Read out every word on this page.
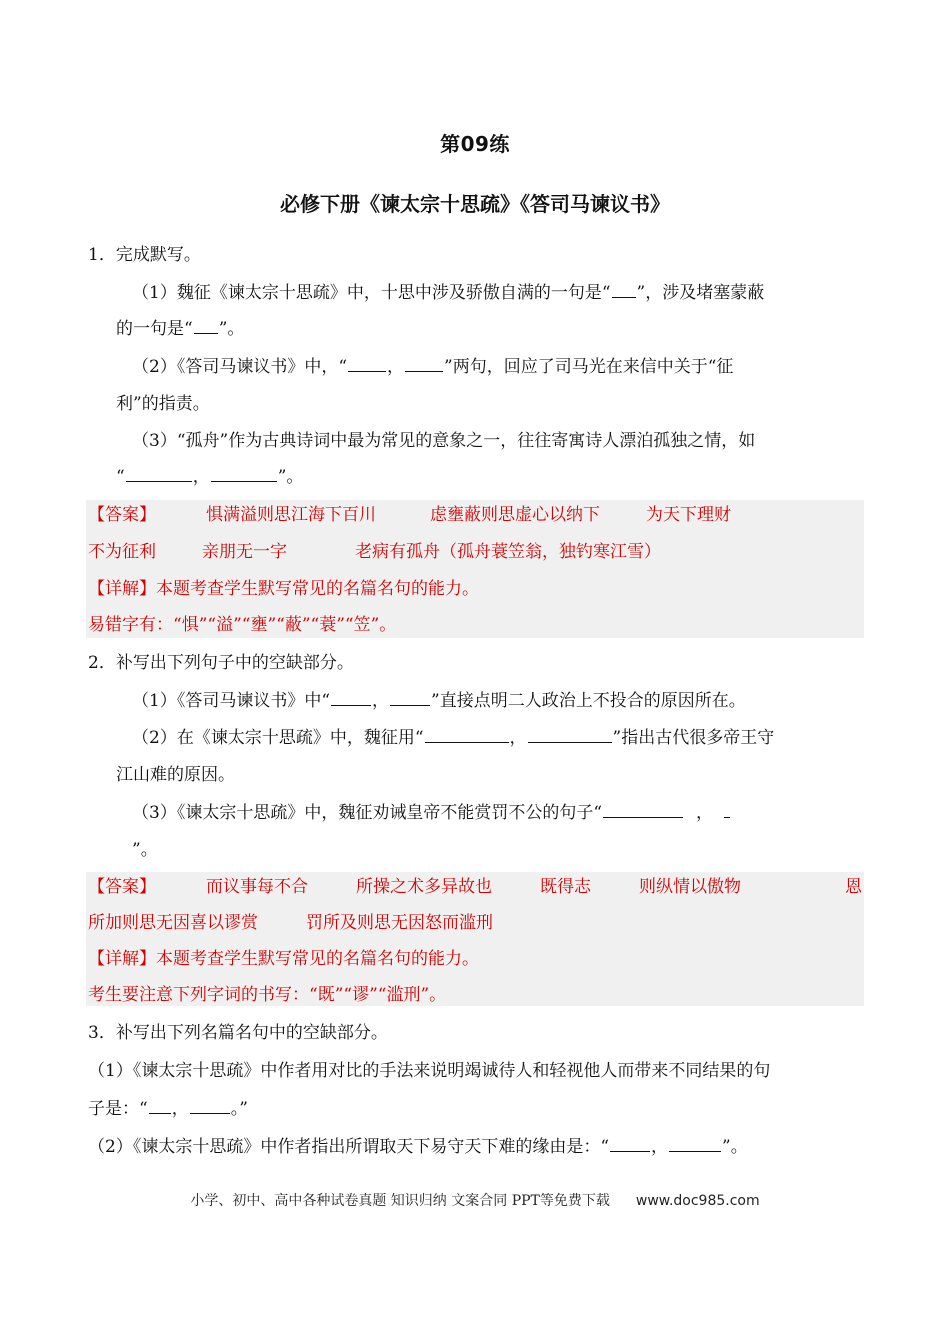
第09练
必修下册《谏太宗十思疏》《答司马谏议书》
1．完成默写。
（1）魏征《谏太宗十思疏》中，十思中涉及骄傲自满的一句是“ ”，涉及堵塞蒙蔽
的一句是“ ”。
（2）《答司马谏议书》中，“ ， ”两句，回应了司马光在来信中关于“征
利”的指责。
（3）“孤舟”作为古典诗词中最为常见的意象之一，往往寄寓诗人漂泊孤独之情，如
“	，	”。
【答案】	惧满溢则思江海下百川	虑壅蔽则思虚心以纳下	为天下理财
不为征利	亲朋无一字	老病有孤舟（孤舟蓑笠翁，独钓寒江雪）
【详解】本题考查学生默写常见的名篇名句的能力。
易错字有：“惧”“溢”“壅”“蔽”“蓑”“笠”。
2．补写出下列句子中的空缺部分。
（1）《答司马谏议书》中“ ， ”直接点明二人政治上不投合的原因所在。
（2）在《谏太宗十思疏》中，魏征用“	，	”指出古代很多帝王守
江山难的原因。
（3）《谏太宗十思疏》中，魏征劝诫皇帝不能赏罚不公的句子“	，
”。
【答案】	而议事每不合	所操之术多异故也	既得志	则纵情以傲物	恩
所加则思无因喜以谬赏	罚所及则思无因怒而滥刑
【详解】本题考查学生默写常见的名篇名句的能力。
考生要注意下列字词的书写：“既”“谬”“滥刑”。
3．补写出下列名篇名句中的空缺部分。
（1）《谏太宗十思疏》中作者用对比的手法来说明竭诚待人和轻视他人而带来不同结果的句
子是：“ ， 。”
（2）《谏太宗十思疏》中作者指出所谓取天下易守天下难的缘由是：“ ，	”。
小学、初中、高中各种试卷真题 知识归纳 文案合同 PPT等免费下载 www.doc985.com
